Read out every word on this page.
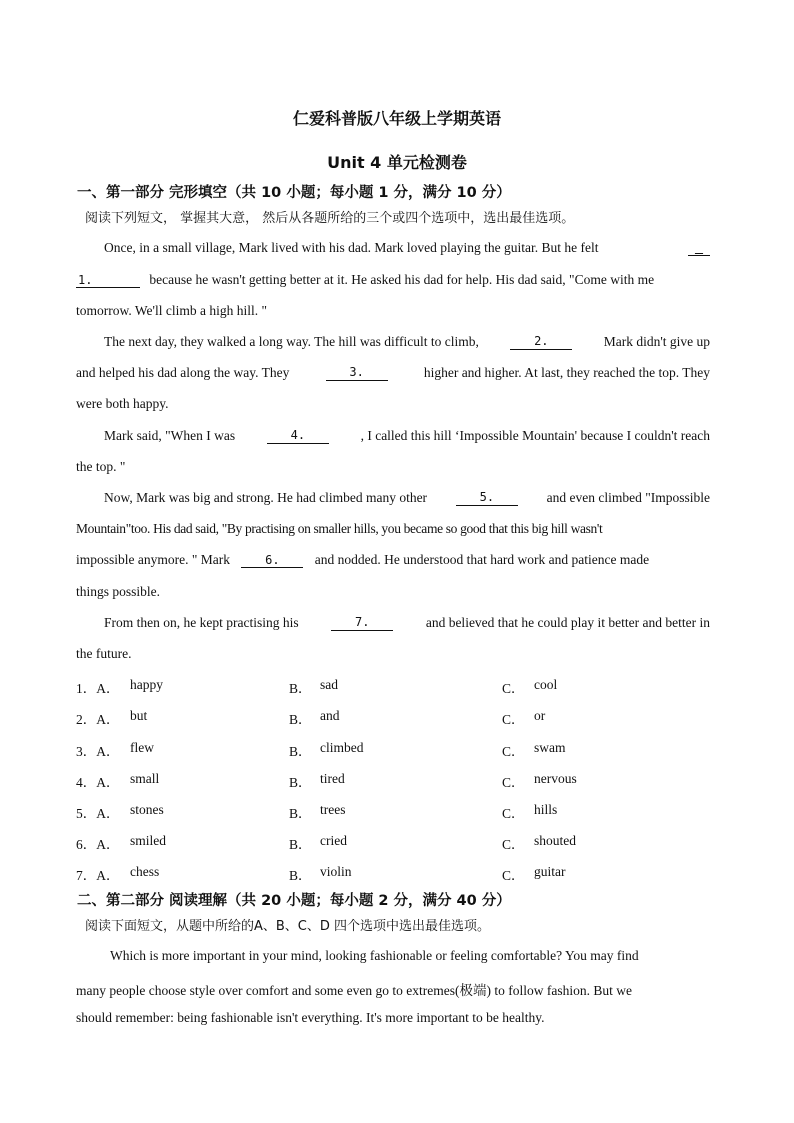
仁爱科普版八年级上学期英语
Unit 4 单元检测卷
一、第一部分 完形填空（共 10 小题；每小题 1 分，满分 10 分）
阅读下列短文， 掌握其大意， 然后从各题所给的三个或四个选项中，选出最佳选项。
Once, in a small village, Mark lived with his dad. Mark loved playing the guitar. But he felt

1.	because he wasn't getting better at it. He asked his dad for help. His dad said, "Come with me
tomorrow. We'll climb a high hill. "
The next day, they walked a long way. The hill was difficult to climb,	2.	Mark didn't give up
and helped his dad along the way. They	3.	higher and higher. At last, they reached the top. They
were both happy.
Mark said, "When I was	4.	, I called this hill ‘Impossible Mountain' because I couldn't reach
the top. "
Now, Mark was big and strong. He had climbed many other	5.	and even climbed "Impossible
Mountain"too. His dad said, "By practising on smaller hills, you became so good that this big hill wasn't
impossible anymore. " Mark	6.	and nodded. He understood that hard work and patience made
things possible.
From then on, he kept practising his	7.	and believed that he could play it better and better in
the future.
1．A． happy	B． sad	C． cool
2．A． but	B． and	C． or
3．A． flew	B． climbed	C． swam
4．A． small	B． tired	C． nervous
5．A． stones	B． trees	C． hills
6．A． smiled	B． cried	C． shouted
7．A． chess	B． violin	C． guitar
二、第二部分 阅读理解（共 20 小题；每小题 2 分，满分 40 分）
阅读下面短文，从题中所给的A、B、C、D 四个选项中选出最佳选项。
Which is more important in your mind, looking fashionable or feeling comfortable? You may find
many people choose style over comfort and some even go to extremes(极端) to follow fashion. But we
should remember: being fashionable isn't everything. It's more important to be healthy.
